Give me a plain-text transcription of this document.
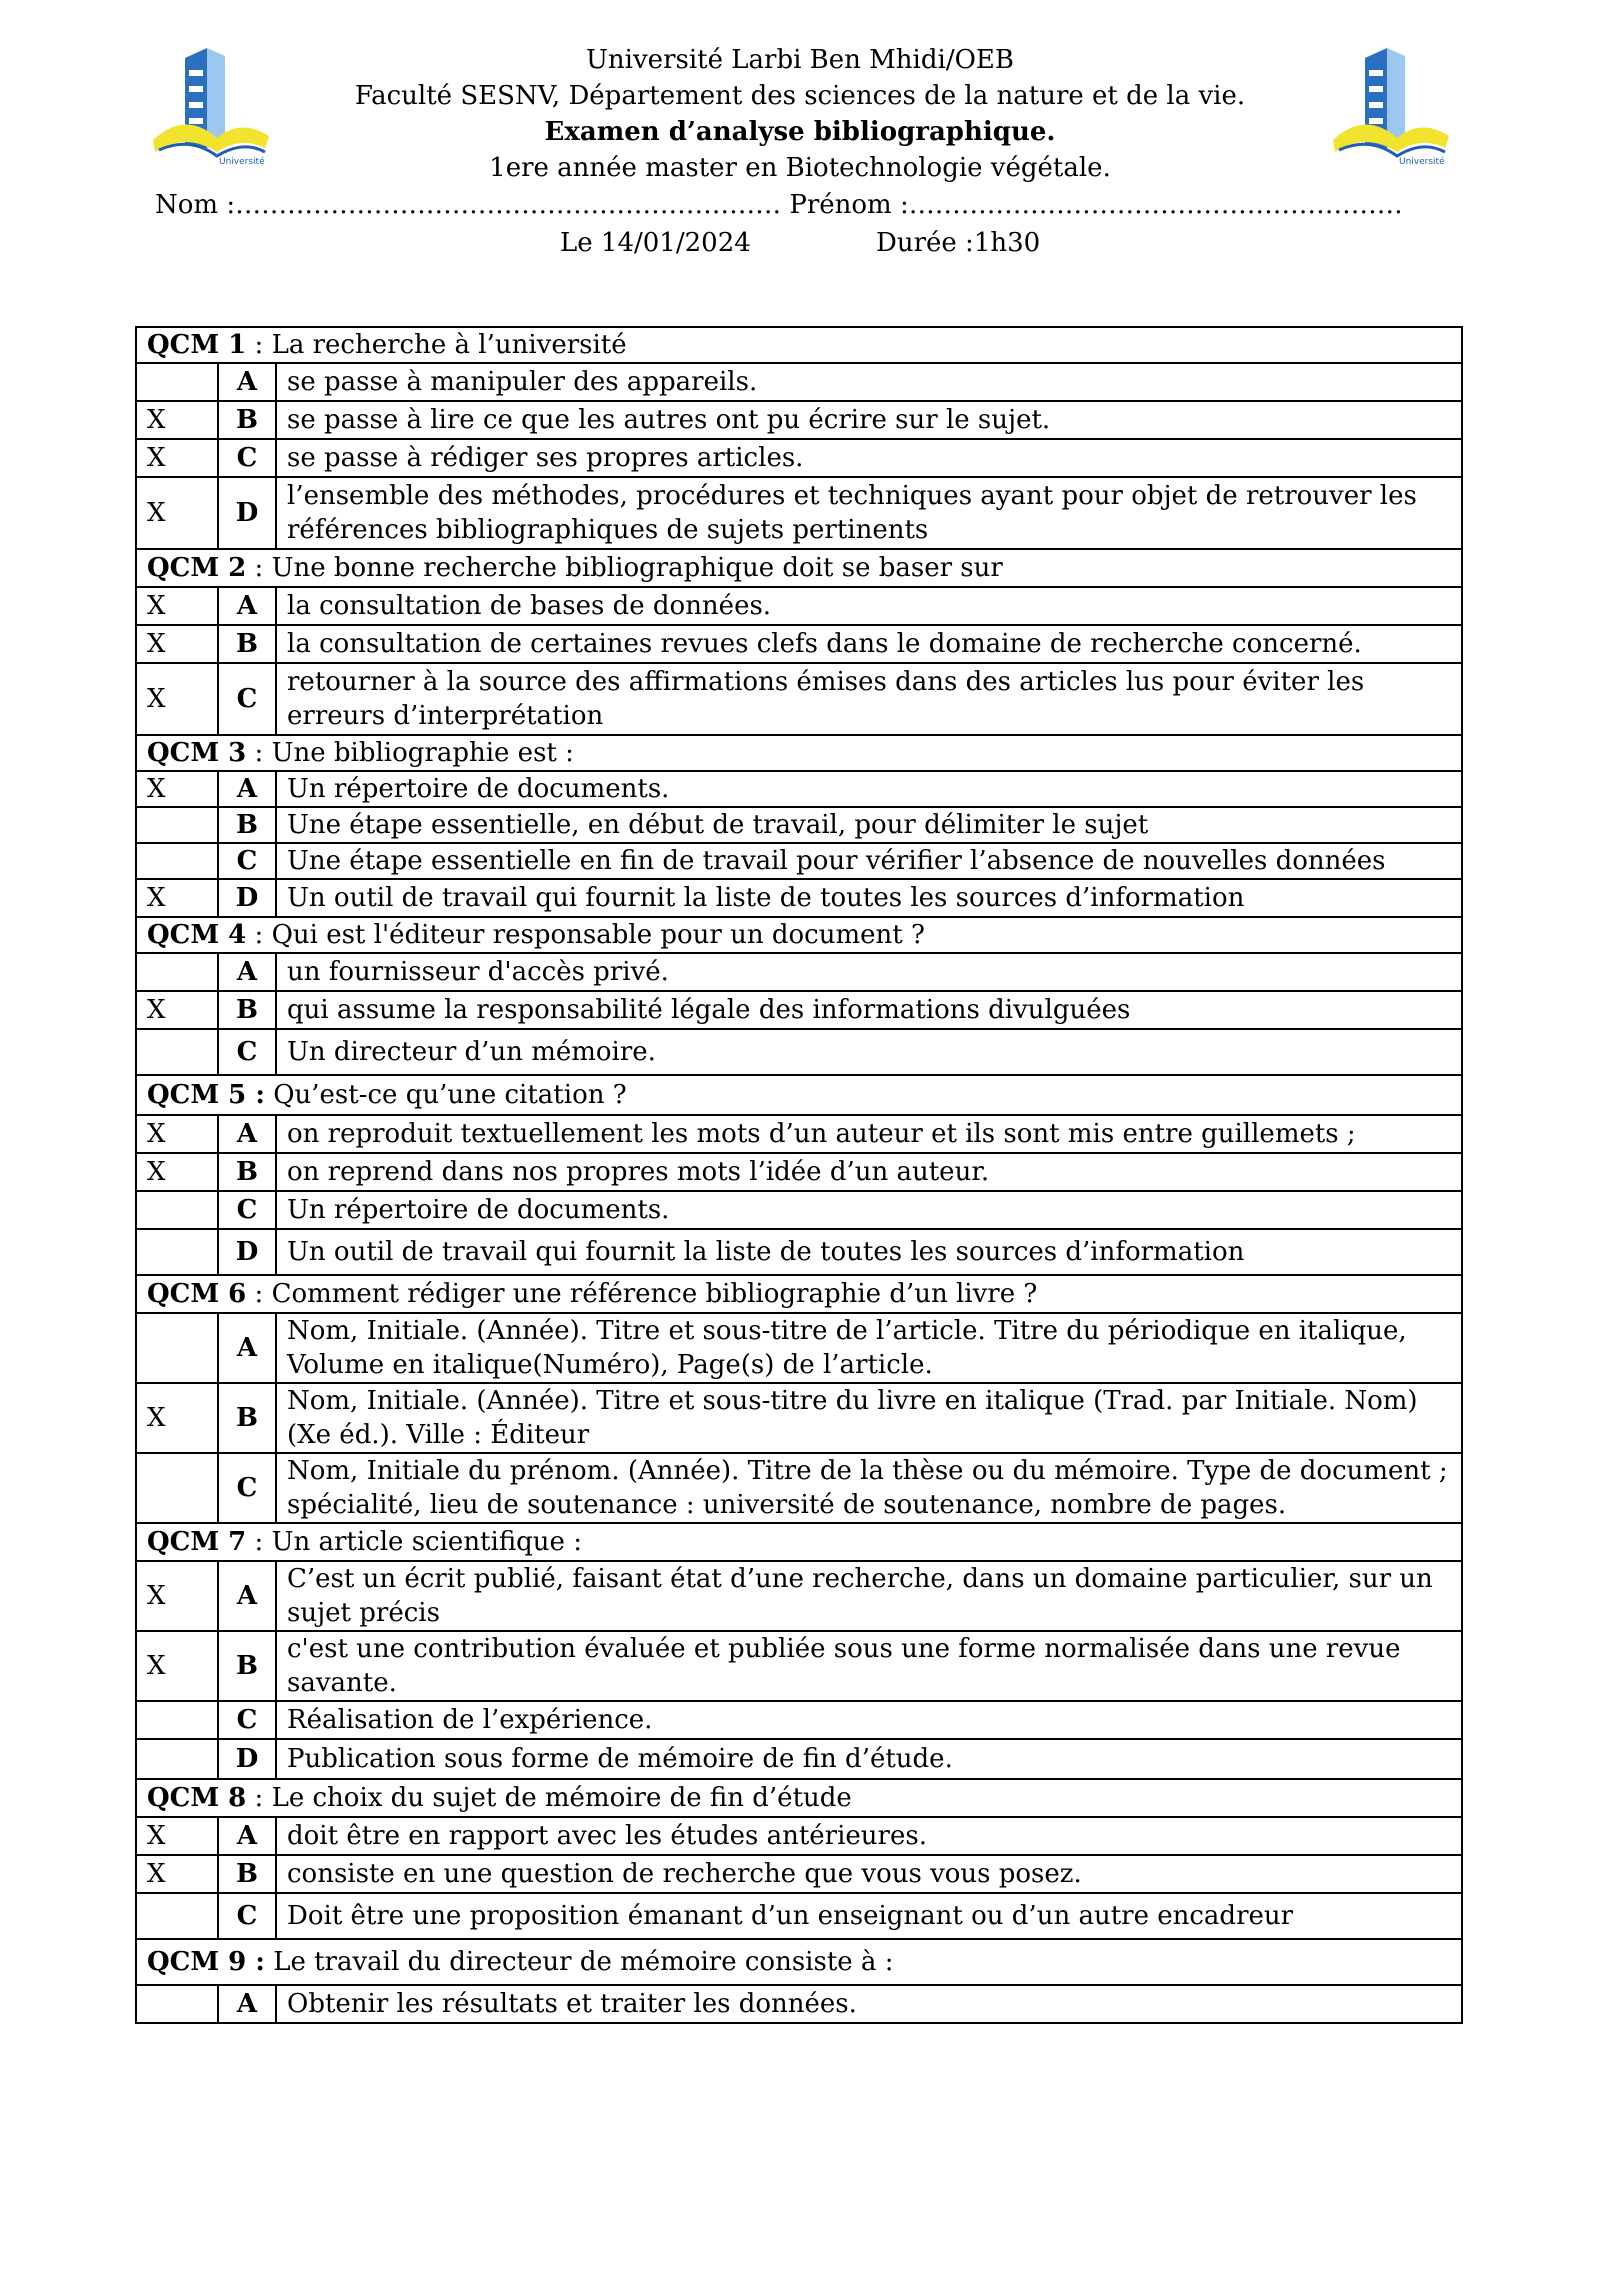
Université	Université
Université Larbi Ben Mhidi/OEB
Faculté SESNV, Département des sciences de la nature et de la vie.
Examen d’analyse bibliographique.
1ere année master en Biotechnologie végétale.
Nom :……………………………………………………… Prénom :…………………………………………………
Le 14/01/2024	Durée :1h30
QCM 1 : La recherche à l’université		
	A	se passe à manipuler des appareils.
X	B	se passe à lire ce que les autres ont pu écrire sur le sujet.
X	C	se passe à rédiger ses propres articles.
X	D	l’ensemble des méthodes, procédures et techniques ayant pour objet de retrouver les références bibliographiques de sujets pertinents
QCM 2 : Une bonne recherche bibliographique doit se baser sur		
X	A	la consultation de bases de données.
X	B	la consultation de certaines revues clefs dans le domaine de recherche concerné.
X	C	retourner à la source des affirmations émises dans des articles lus pour éviter les erreurs d’interprétation
QCM 3 : Une bibliographie est :		
X	A	Un répertoire de documents.
	B	Une étape essentielle, en début de travail, pour délimiter le sujet
	C	Une étape essentielle en fin de travail pour vérifier l’absence de nouvelles données
X	D	Un outil de travail qui fournit la liste de toutes les sources d’information
QCM 4 : Qui est l'éditeur responsable pour un document ?		
	A	un fournisseur d'accès privé.
X	B	qui assume la responsabilité légale des informations divulguées
	C	Un directeur d’un mémoire.
QCM 5 : Qu’est-ce qu’une citation ?		
X	A	on reproduit textuellement les mots d’un auteur et ils sont mis entre guillemets ;
X	B	on reprend dans nos propres mots l’idée d’un auteur.
	C	Un répertoire de documents.
	D	Un outil de travail qui fournit la liste de toutes les sources d’information
QCM 6 : Comment rédiger une référence bibliographie d’un livre ?		
	A	Nom, Initiale. (Année). Titre et sous-titre de l’article. Titre du périodique en italique, Volume en italique(Numéro), Page(s) de l’article.
X	B	Nom, Initiale. (Année). Titre et sous-titre du livre en italique (Trad. par Initiale. Nom) (Xe éd.). Ville : Éditeur
	C	Nom, Initiale du prénom. (Année). Titre de la thèse ou du mémoire. Type de document ; spécialité, lieu de soutenance : université de soutenance, nombre de pages.
QCM 7 : Un article scientifique :		
X	A	C’est un écrit publié, faisant état d’une recherche, dans un domaine particulier, sur un sujet précis
X	B	c'est une contribution évaluée et publiée sous une forme normalisée dans une revue savante.
	C	Réalisation de l’expérience.
	D	Publication sous forme de mémoire de fin d’étude.
QCM 8 : Le choix du sujet de mémoire de fin d’étude		
X	A	doit être en rapport avec les études antérieures.
X	B	consiste en une question de recherche que vous vous posez.
	C	Doit être une proposition émanant d’un enseignant ou d’un autre encadreur
QCM 9 : Le travail du directeur de mémoire consiste à :		
	A	Obtenir les résultats et traiter les données.
